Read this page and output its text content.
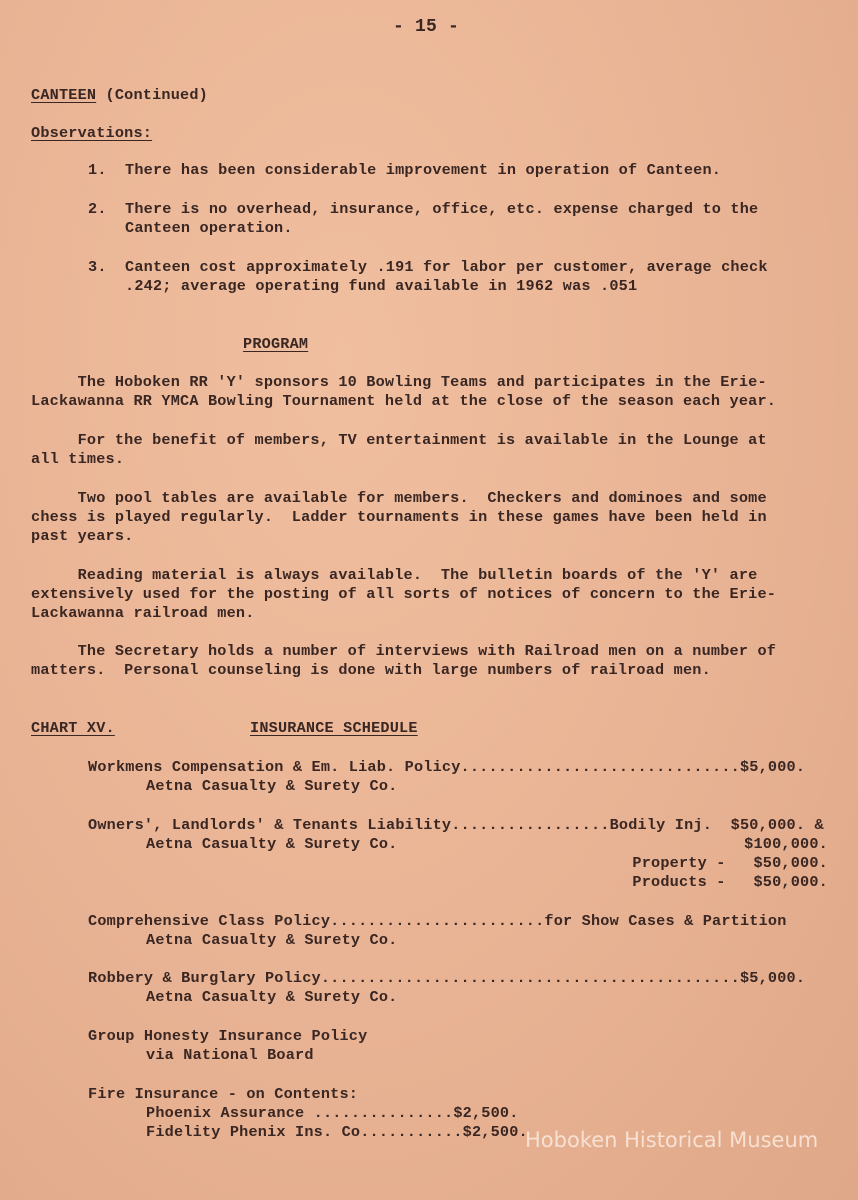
- 15 -
CANTEEN (Continued)
Observations:
1. There has been considerable improvement in operation of Canteen.
2. There is no overhead, insurance, office, etc. expense charged to the
Canteen operation.
3. Canteen cost approximately .191 for labor per customer, average check
.242; average operating fund available in 1962 was .051
PROGRAM
The Hoboken RR 'Y' sponsors 10 Bowling Teams and participates in the Erie-
Lackawanna RR YMCA Bowling Tournament held at the close of the season each year.
For the benefit of members, TV entertainment is available in the Lounge at
all times.
Two pool tables are available for members.  Checkers and dominoes and some
chess is played regularly.  Ladder tournaments in these games have been held in
past years.
Reading material is always available.  The bulletin boards of the 'Y' are
extensively used for the posting of all sorts of notices of concern to the Erie-
Lackawanna railroad men.
The Secretary holds a number of interviews with Railroad men on a number of
matters.  Personal counseling is done with large numbers of railroad men.
CHART XV.	INSURANCE SCHEDULE
Workmens Compensation & Em. Liab. Policy..............................$5,000.
Aetna Casualty & Surety Co.
Owners', Landlords' & Tenants Liability.................Bodily Inj.  $50,000. &
Aetna Casualty & Surety Co.	$100,000.
Property -   $50,000.
Products -   $50,000.
Comprehensive Class Policy.......................for Show Cases & Partition
Aetna Casualty & Surety Co.
Robbery & Burglary Policy.............................................$5,000.
Aetna Casualty & Surety Co.
Group Honesty Insurance Policy
via National Board
Fire Insurance - on Contents:
Phoenix Assurance ...............$2,500.
Fidelity Phenix Ins. Co...........$2,500.
Hoboken Historical Museum
